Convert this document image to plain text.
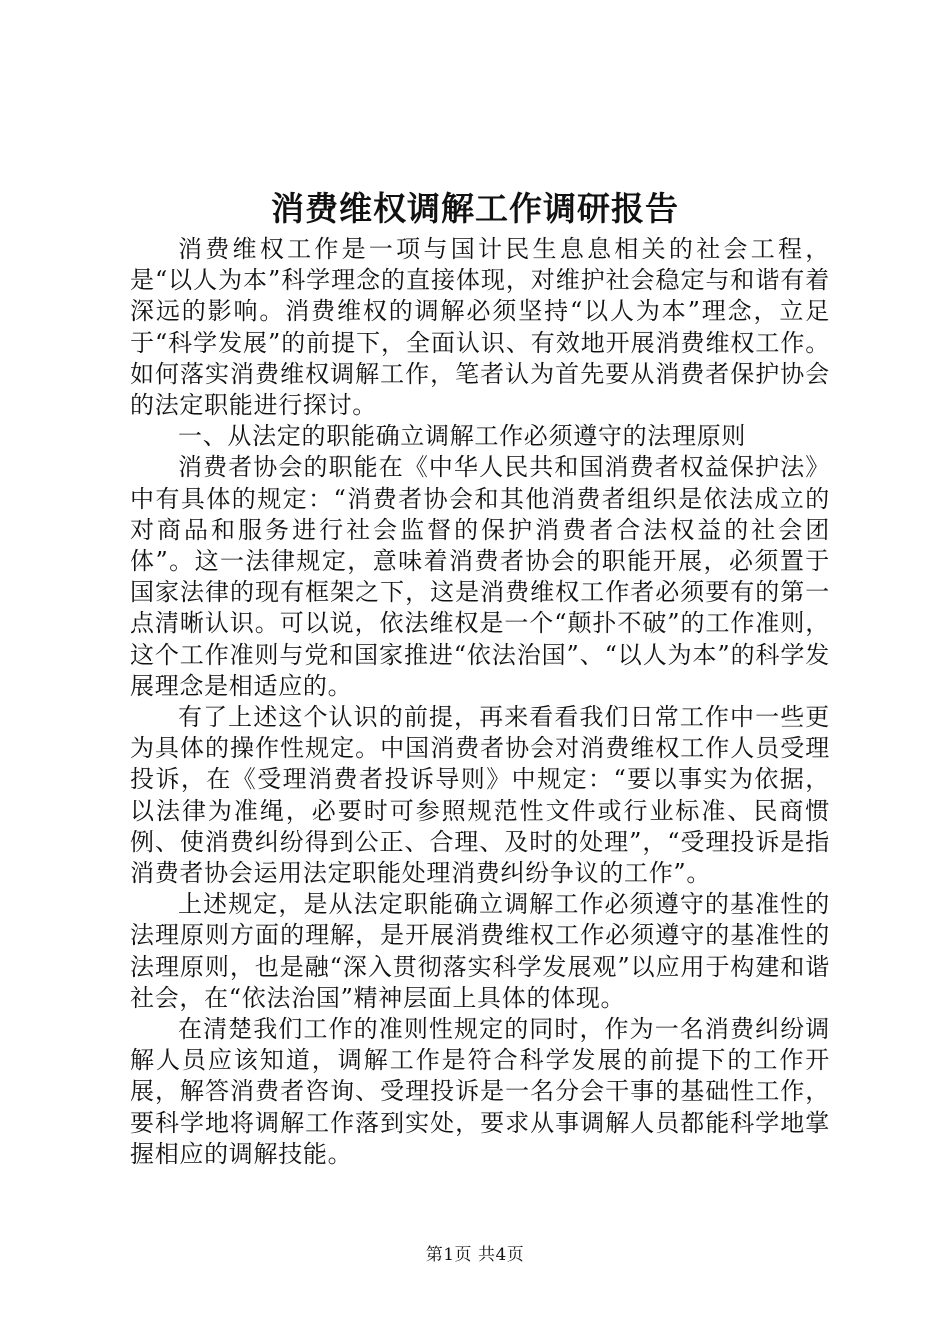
消费维权调解工作调研报告

消费维权工作是一项与国计民生息息相关的社会工程，是“以人为本”科学理念的直接体现，对维护社会稳定与和谐有着深远的影响。消费维权的调解必须坚持“以人为本”理念，立足于“科学发展”的前提下，全面认识、有效地开展消费维权工作。如何落实消费维权调解工作，笔者认为首先要从消费者保护协会的法定职能进行探讨。

一、从法定的职能确立调解工作必须遵守的法理原则

消费者协会的职能在《中华人民共和国消费者权益保护法》中有具体的规定：“消费者协会和其他消费者组织是依法成立的对商品和服务进行社会监督的保护消费者合法权益的社会团体”。这一法律规定，意味着消费者协会的职能开展，必须置于国家法律的现有框架之下，这是消费维权工作者必须要有的第一点清晰认识。可以说，依法维权是一个“颠扑不破”的工作准则，这个工作准则与党和国家推进“依法治国”、“以人为本”的科学发展理念是相适应的。

有了上述这个认识的前提，再来看看我们日常工作中一些更为具体的操作性规定。中国消费者协会对消费维权工作人员受理投诉，在《受理消费者投诉导则》中规定：“要以事实为依据，以法律为准绳，必要时可参照规范性文件或行业标准、民商惯例、使消费纠纷得到公正、合理、及时的处理”，“受理投诉是指消费者协会运用法定职能处理消费纠纷争议的工作”。

上述规定，是从法定职能确立调解工作必须遵守的基准性的法理原则方面的理解，是开展消费维权工作必须遵守的基准性的法理原则，也是融“深入贯彻落实科学发展观”以应用于构建和谐社会，在“依法治国”精神层面上具体的体现。

在清楚我们工作的准则性规定的同时，作为一名消费纠纷调解人员应该知道，调解工作是符合科学发展的前提下的工作开展，解答消费者咨询、受理投诉是一名分会干事的基础性工作，要科学地将调解工作落到实处，要求从事调解人员都能科学地掌握相应的调解技能。

第1页 共4页
